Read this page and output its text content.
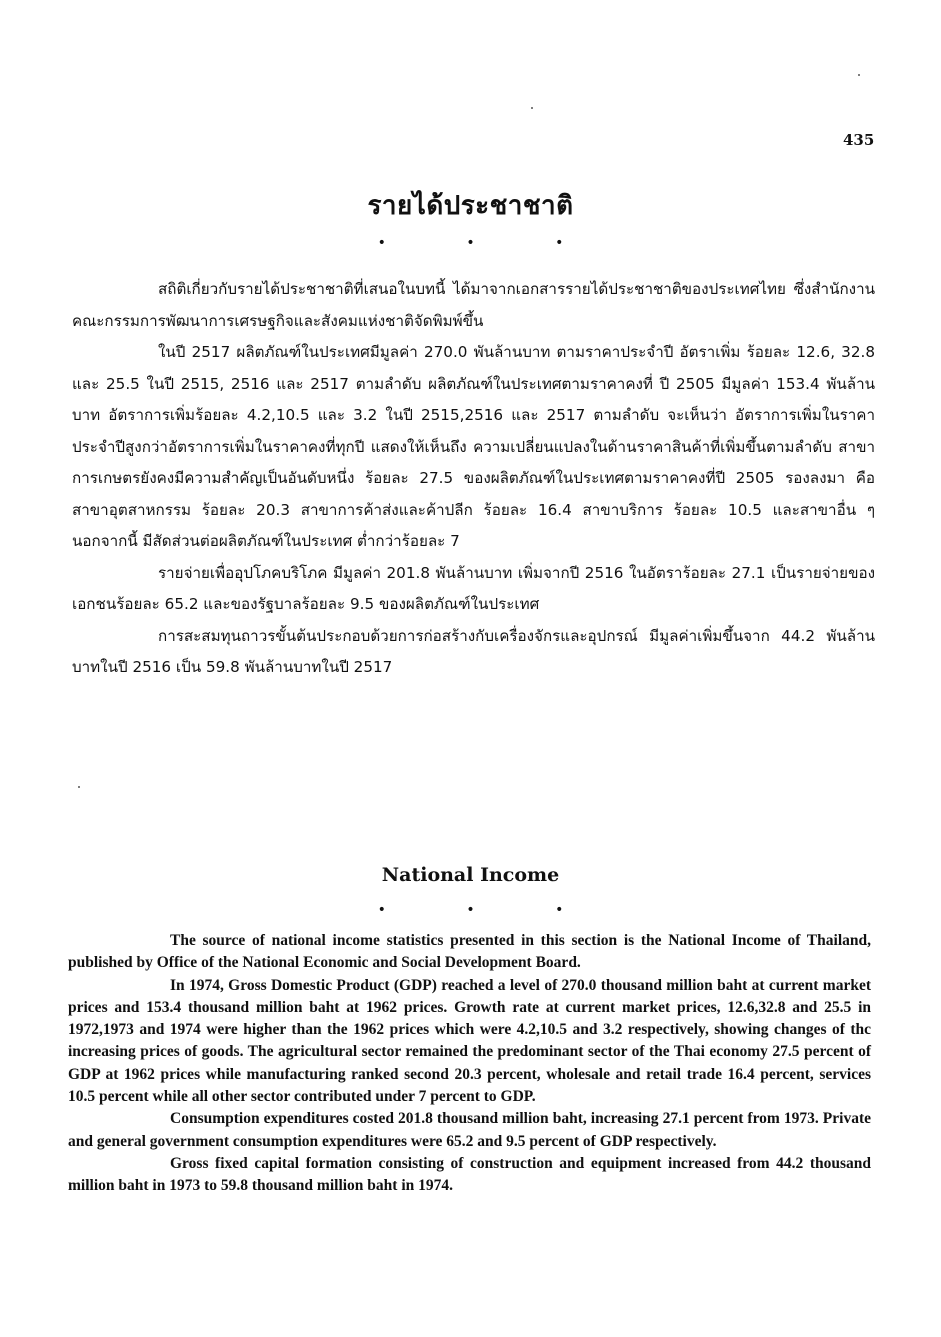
435
รายได้ประชาชาติ
• • •

สถิติเกี่ยวกับรายได้ประชาชาติที่เสนอในบทนี้ ได้มาจากเอกสารรายได้ประชาชาติของประเทศไทย ซึ่งสำนักงานคณะกรรมการพัฒนาการเศรษฐกิจและสังคมแห่งชาติจัดพิมพ์ขึ้น

ในปี 2517 ผลิตภัณฑ์ในประเทศมีมูลค่า 270.0 พันล้านบาท ตามราคาประจำปี อัตราเพิ่ม ร้อยละ 12.6, 32.8 และ 25.5 ในปี 2515, 2516 และ 2517 ตามลำดับ ผลิตภัณฑ์ในประเทศตามราคาคงที่ ปี 2505 มีมูลค่า 153.4 พันล้านบาท อัตราการเพิ่มร้อยละ 4.2,10.5 และ 3.2 ในปี 2515,2516 และ 2517 ตามลำดับ จะเห็นว่า อัตราการเพิ่มในราคาประจำปีสูงกว่าอัตราการเพิ่มในราคาคงที่ทุกปี แสดงให้เห็นถึง ความเปลี่ยนแปลงในด้านราคาสินค้าที่เพิ่มขึ้นตามลำดับ สาขาการเกษตรยังคงมีความสำคัญเป็นอันดับหนึ่ง ร้อยละ 27.5 ของผลิตภัณฑ์ในประเทศตามราคาคงที่ปี 2505 รองลงมา คือ สาขาอุตสาหกรรม ร้อยละ 20.3 สาขาการค้าส่งและค้าปลีก ร้อยละ 16.4 สาขาบริการ ร้อยละ 10.5 และสาขาอื่น ๆ นอกจากนี้ มีสัดส่วนต่อผลิตภัณฑ์ในประเทศ ต่ำกว่าร้อยละ 7

รายจ่ายเพื่ออุปโภคบริโภค มีมูลค่า 201.8 พันล้านบาท เพิ่มจากปี 2516 ในอัตราร้อยละ 27.1 เป็นรายจ่ายของเอกชนร้อยละ 65.2 และของรัฐบาลร้อยละ 9.5 ของผลิตภัณฑ์ในประเทศ

การสะสมทุนถาวรขั้นต้นประกอบด้วยการก่อสร้างกับเครื่องจักรและอุปกรณ์ มีมูลค่าเพิ่มขึ้นจาก 44.2 พันล้านบาทในปี 2516 เป็น 59.8 พันล้านบาทในปี 2517

National Income
• • •

The source of national income statistics presented in this section is the National Income of Thailand, published by Office of the National Economic and Social Development Board.

In 1974, Gross Domestic Product (GDP) reached a level of 270.0 thousand million baht at current market prices and 153.4 thousand million baht at 1962 prices. Growth rate at current market prices, 12.6,32.8 and 25.5 in 1972,1973 and 1974 were higher than the 1962 prices which were 4.2,10.5 and 3.2 respectively, showing changes of thc increasing prices of goods. The agricultural sector remained the predominant sector of the Thai economy 27.5 percent of GDP at 1962 prices while manufacturing ranked second 20.3 percent, wholesale and retail trade 16.4 percent, services 10.5 percent while all other sector contributed under 7 percent to GDP.

Consumption expenditures costed 201.8 thousand million baht, increasing 27.1 percent from 1973. Private and general government consumption expenditures were 65.2 and 9.5 percent of GDP respectively.

Gross fixed capital formation consisting of construction and equipment increased from 44.2 thousand million baht in 1973 to 59.8 thousand million baht in 1974.
